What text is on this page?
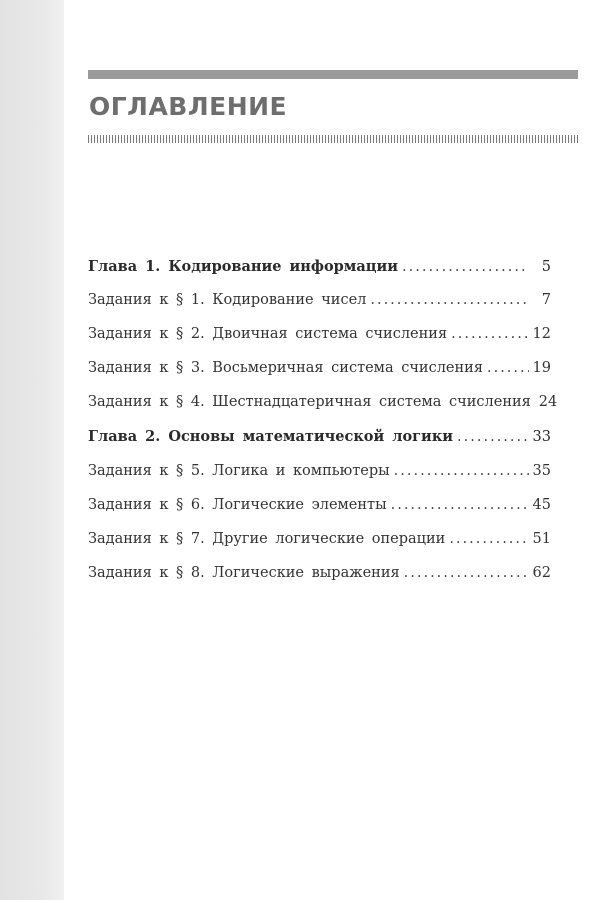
ОГЛАВЛЕНИЕ
Глава 1. Кодирование информации .....	5
Задания к § 1. Кодирование чисел .....	7
Задания к § 2. Двоичная система счисления .....	12
Задания к § 3. Восьмеричная система счисления .....	19
Задания к § 4. Шестнадцатеричная система счисления 24
Глава 2. Основы математической логики .....	33
Задания к § 5. Логика и компьютеры .....	35
Задания к § 6. Логические элементы .....	45
Задания к § 7. Другие логические операции .....	51
Задания к § 8. Логические выражения .....	62
